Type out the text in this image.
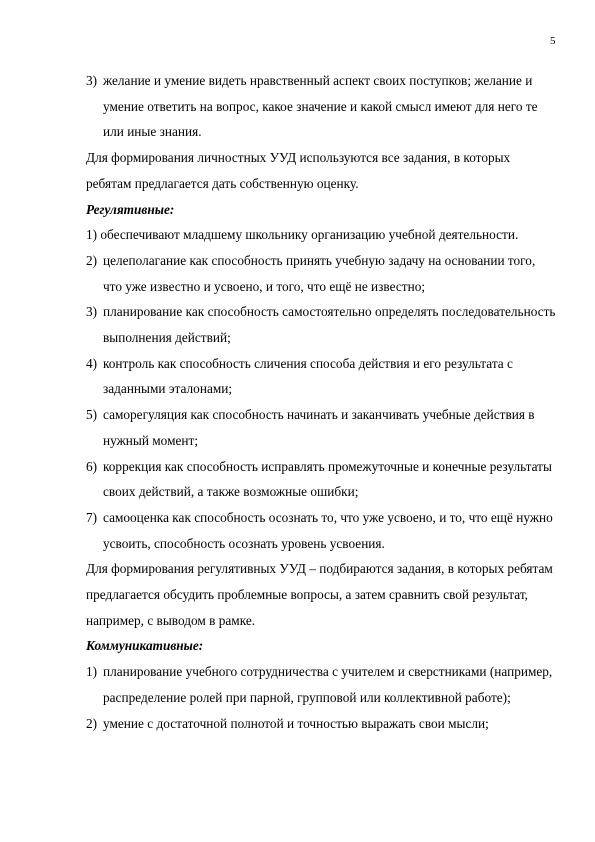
5
3) желание и умение видеть нравственный аспект своих поступков; желание и умение ответить на вопрос, какое значение и какой смысл имеют для него те или иные знания.
Для формирования личностных УУД используются все задания, в которых ребятам предлагается дать собственную оценку.
Регулятивные:
1) обеспечивают младшему школьнику организацию учебной деятельности.
2) целеполагание как способность принять учебную задачу на основании того, что уже известно и усвоено, и того, что ещё не известно;
3) планирование как способность самостоятельно определять последовательность выполнения действий;
4) контроль как способность сличения способа действия и его результата с заданными эталонами;
5) саморегуляция как способность начинать и заканчивать учебные действия в нужный момент;
6) коррекция как способность исправлять промежуточные и конечные результаты своих действий, а также возможные ошибки;
7) самооценка как способность осознать то, что уже усвоено, и то, что ещё нужно усвоить, способность осознать уровень усвоения.
Для формирования регулятивных УУД – подбираются задания, в которых ребятам предлагается обсудить проблемные вопросы, а затем сравнить свой результат, например, с выводом в рамке.
Коммуникативные:
1) планирование учебного сотрудничества с учителем и сверстниками (например, распределение ролей при парной, групповой или коллективной работе);
2) умение с достаточной полнотой и точностью выражать свои мысли;
